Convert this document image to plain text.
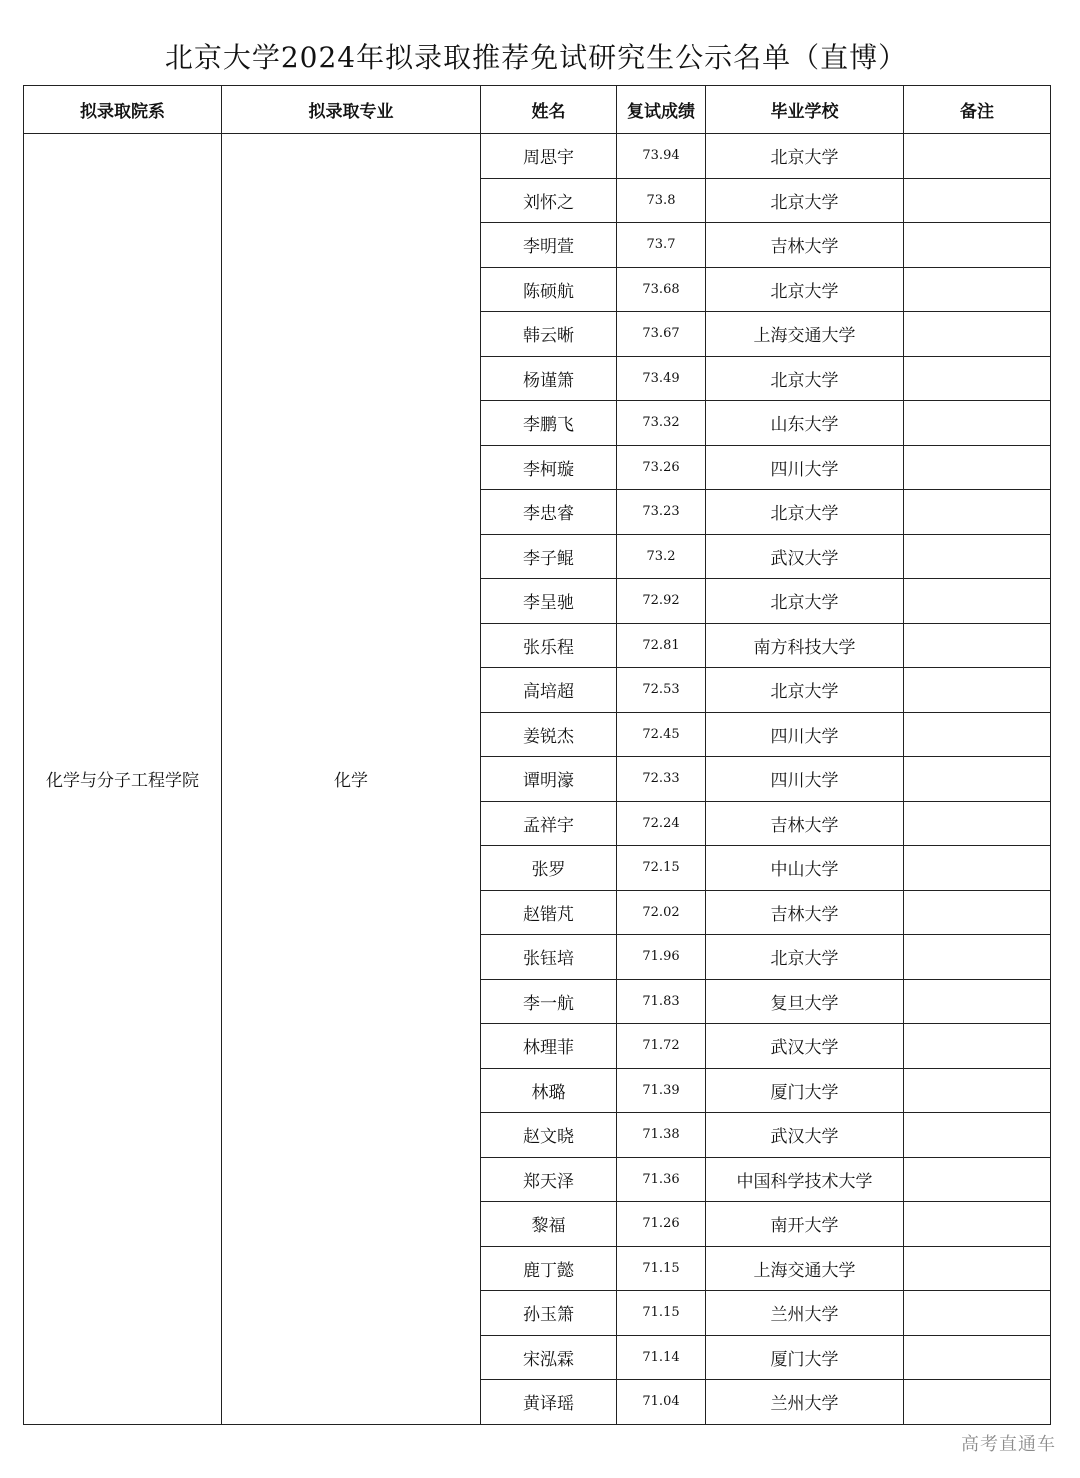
北京大学2024年拟录取推荐免试研究生公示名单（直博）
拟录取院系	拟录取专业	姓名	复试成绩	毕业学校	备注
化学与分子工程学院	化学	周思宇	73.94	北京大学	
		刘怀之	73.8	北京大学	
		李明萱	73.7	吉林大学	
		陈硕航	73.68	北京大学	
		韩云晰	73.67	上海交通大学	
		杨谨箫	73.49	北京大学	
		李鹏飞	73.32	山东大学	
		李柯璇	73.26	四川大学	
		李忠睿	73.23	北京大学	
		李子鲲	73.2	武汉大学	
		李呈驰	72.92	北京大学	
		张乐程	72.81	南方科技大学	
		高培超	72.53	北京大学	
		姜锐杰	72.45	四川大学	
		谭明濠	72.33	四川大学	
		孟祥宇	72.24	吉林大学	
		张罗	72.15	中山大学	
		赵锴芃	72.02	吉林大学	
		张钰培	71.96	北京大学	
		李一航	71.83	复旦大学	
		林理菲	71.72	武汉大学	
		林璐	71.39	厦门大学	
		赵文晓	71.38	武汉大学	
		郑天泽	71.36	中国科学技术大学	
		黎福	71.26	南开大学	
		鹿丁懿	71.15	上海交通大学	
		孙玉箫	71.15	兰州大学	
		宋泓霖	71.14	厦门大学	
		黄译瑶	71.04	兰州大学	
高考直通车
